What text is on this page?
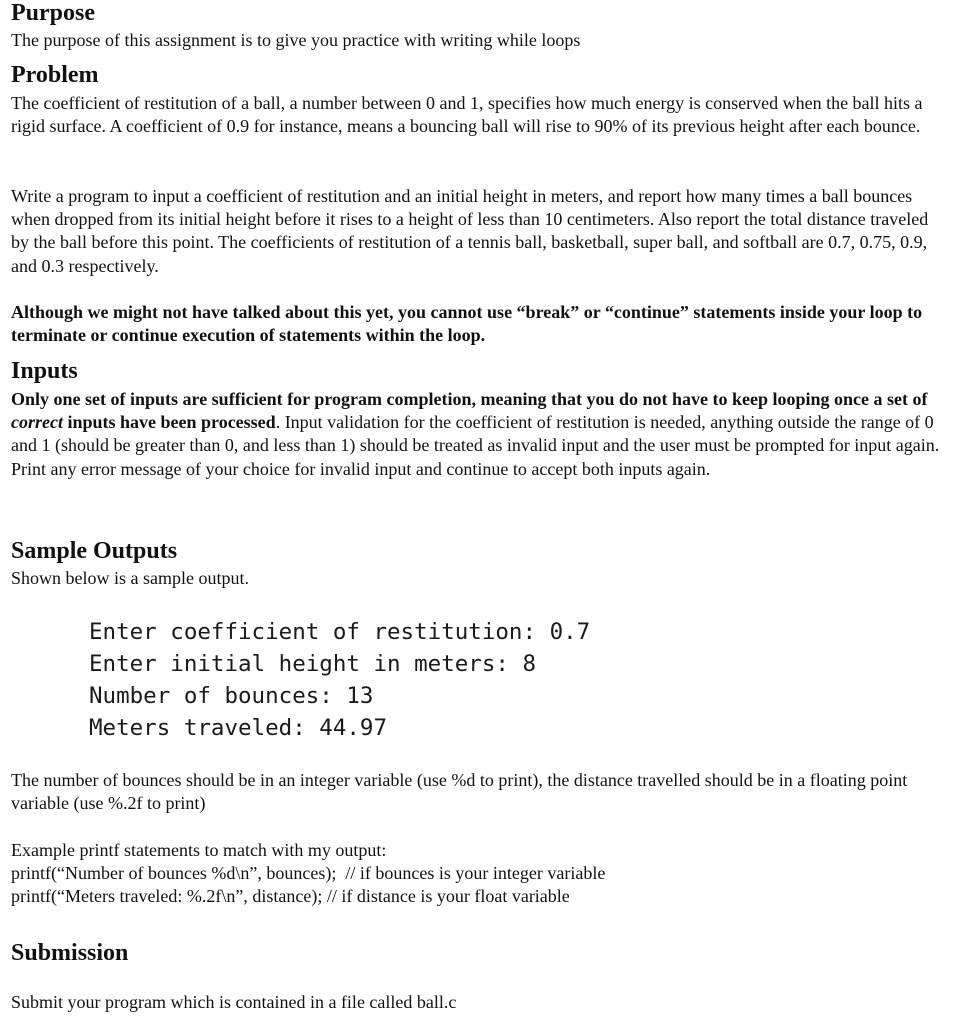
Purpose

The purpose of this assignment is to give you practice with writing while loops

Problem

The coefficient of restitution of a ball, a number between 0 and 1, specifies how much energy is conserved when the ball hits a rigid surface. A coefficient of 0.9 for instance, means a bouncing ball will rise to 90% of its previous height after each bounce.

Write a program to input a coefficient of restitution and an initial height in meters, and report how many times a ball bounces when dropped from its initial height before it rises to a height of less than 10 centimeters. Also report the total distance traveled by the ball before this point. The coefficients of restitution of a tennis ball, basketball, super ball, and softball are 0.7, 0.75, 0.9, and 0.3 respectively.

Although we might not have talked about this yet, you cannot use “break” or “continue” statements inside your loop to terminate or continue execution of statements within the loop.

Inputs

Only one set of inputs are sufficient for program completion, meaning that you do not have to keep looping once a set of correct inputs have been processed. Input validation for the coefficient of restitution is needed, anything outside the range of 0 and 1 (should be greater than 0, and less than 1) should be treated as invalid input and the user must be prompted for input again. Print any error message of your choice for invalid input and continue to accept both inputs again.

Sample Outputs

Shown below is a sample output.

Enter coefficient of restitution: 0.7
Enter initial height in meters: 8
Number of bounces: 13
Meters traveled: 44.97

The number of bounces should be in an integer variable (use %d to print), the distance travelled should be in a floating point variable (use %.2f to print)

Example printf statements to match with my output:

printf(“Number of bounces %d\n”, bounces);  // if bounces is your integer variable

printf(“Meters traveled: %.2f\n”, distance); // if distance is your float variable

Submission

Submit your program which is contained in a file called ball.c
